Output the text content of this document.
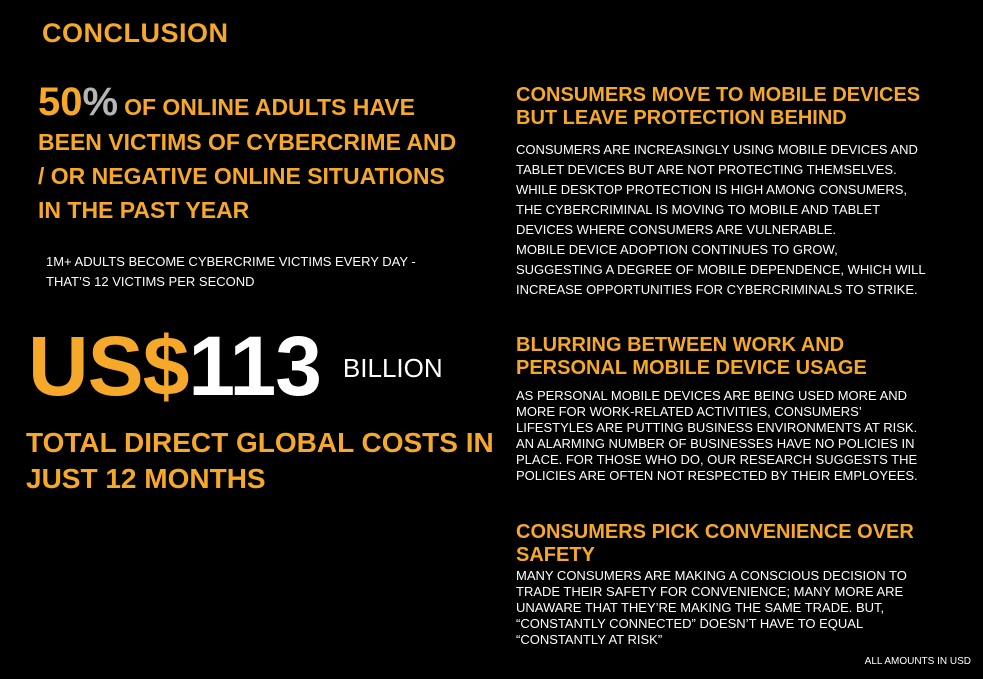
CONCLUSION
50% OF ONLINE ADULTS HAVE
BEEN VICTIMS OF CYBERCRIME AND
/ OR NEGATIVE ONLINE SITUATIONS
IN THE PAST YEAR
1M+ ADULTS BECOME CYBERCRIME VICTIMS EVERY DAY -
THAT’S 12 VICTIMS PER SECOND
US$113 BILLION
TOTAL DIRECT GLOBAL COSTS IN
JUST 12 MONTHS
CONSUMERS MOVE TO MOBILE DEVICES
BUT LEAVE PROTECTION BEHIND
CONSUMERS ARE INCREASINGLY USING MOBILE DEVICES AND
TABLET DEVICES BUT ARE NOT PROTECTING THEMSELVES.
WHILE DESKTOP PROTECTION IS HIGH AMONG CONSUMERS,
THE CYBERCRIMINAL IS MOVING TO MOBILE AND TABLET
DEVICES WHERE CONSUMERS ARE VULNERABLE.
MOBILE DEVICE ADOPTION CONTINUES TO GROW,
SUGGESTING A DEGREE OF MOBILE DEPENDENCE, WHICH WILL
INCREASE OPPORTUNITIES FOR CYBERCRIMINALS TO STRIKE.
BLURRING BETWEEN WORK AND
PERSONAL MOBILE DEVICE USAGE
AS PERSONAL MOBILE DEVICES ARE BEING USED MORE AND
MORE FOR WORK-RELATED ACTIVITIES, CONSUMERS’
LIFESTYLES ARE PUTTING BUSINESS ENVIRONMENTS AT RISK.
AN ALARMING NUMBER OF BUSINESSES HAVE NO POLICIES IN
PLACE. FOR THOSE WHO DO, OUR RESEARCH SUGGESTS THE
POLICIES ARE OFTEN NOT RESPECTED BY THEIR EMPLOYEES.
CONSUMERS PICK CONVENIENCE OVER
SAFETY
MANY CONSUMERS ARE MAKING A CONSCIOUS DECISION TO
TRADE THEIR SAFETY FOR CONVENIENCE; MANY MORE ARE
UNAWARE THAT THEY’RE MAKING THE SAME TRADE. BUT,
“CONSTANTLY CONNECTED” DOESN’T HAVE TO EQUAL
“CONSTANTLY AT RISK”
ALL AMOUNTS IN USD
